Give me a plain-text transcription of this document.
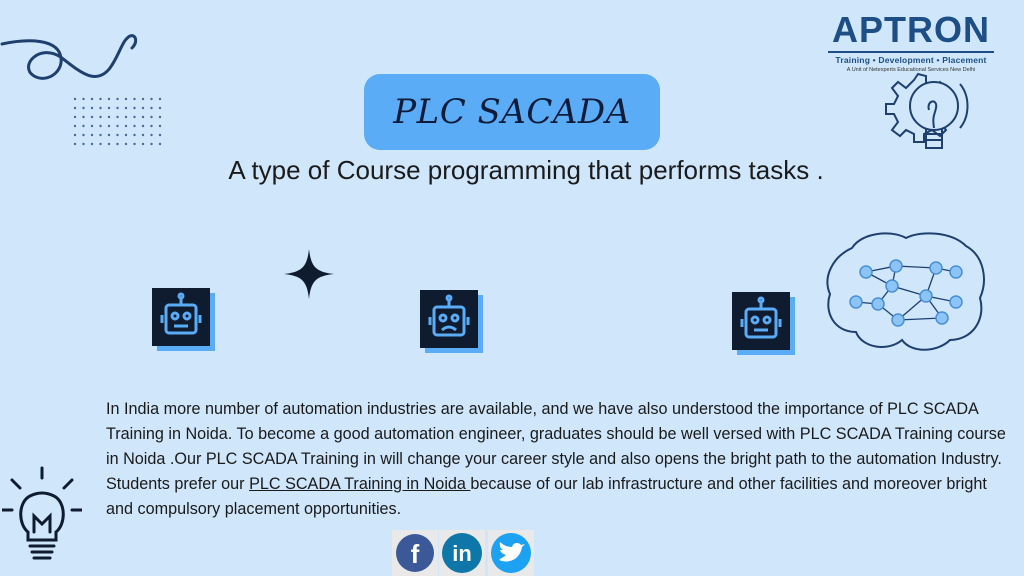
APTRON
Training • Development • Placement
A Unit of Netexperts Educational Services New Delhi
PLC SACADA
A type of Course programming that performs tasks .
In India more number of automation industries are available, and we have also understood the importance of PLC SCADA Training in Noida. To become a good automation engineer, graduates should be well versed with PLC SCADA Training course in Noida .Our PLC SCADA Training in will change your career style and also opens the bright path to the automation Industry. Students prefer our PLC SCADA Training in Noida because of our lab infrastructure and other facilities and moreover bright and compulsory placement opportunities.
f in
